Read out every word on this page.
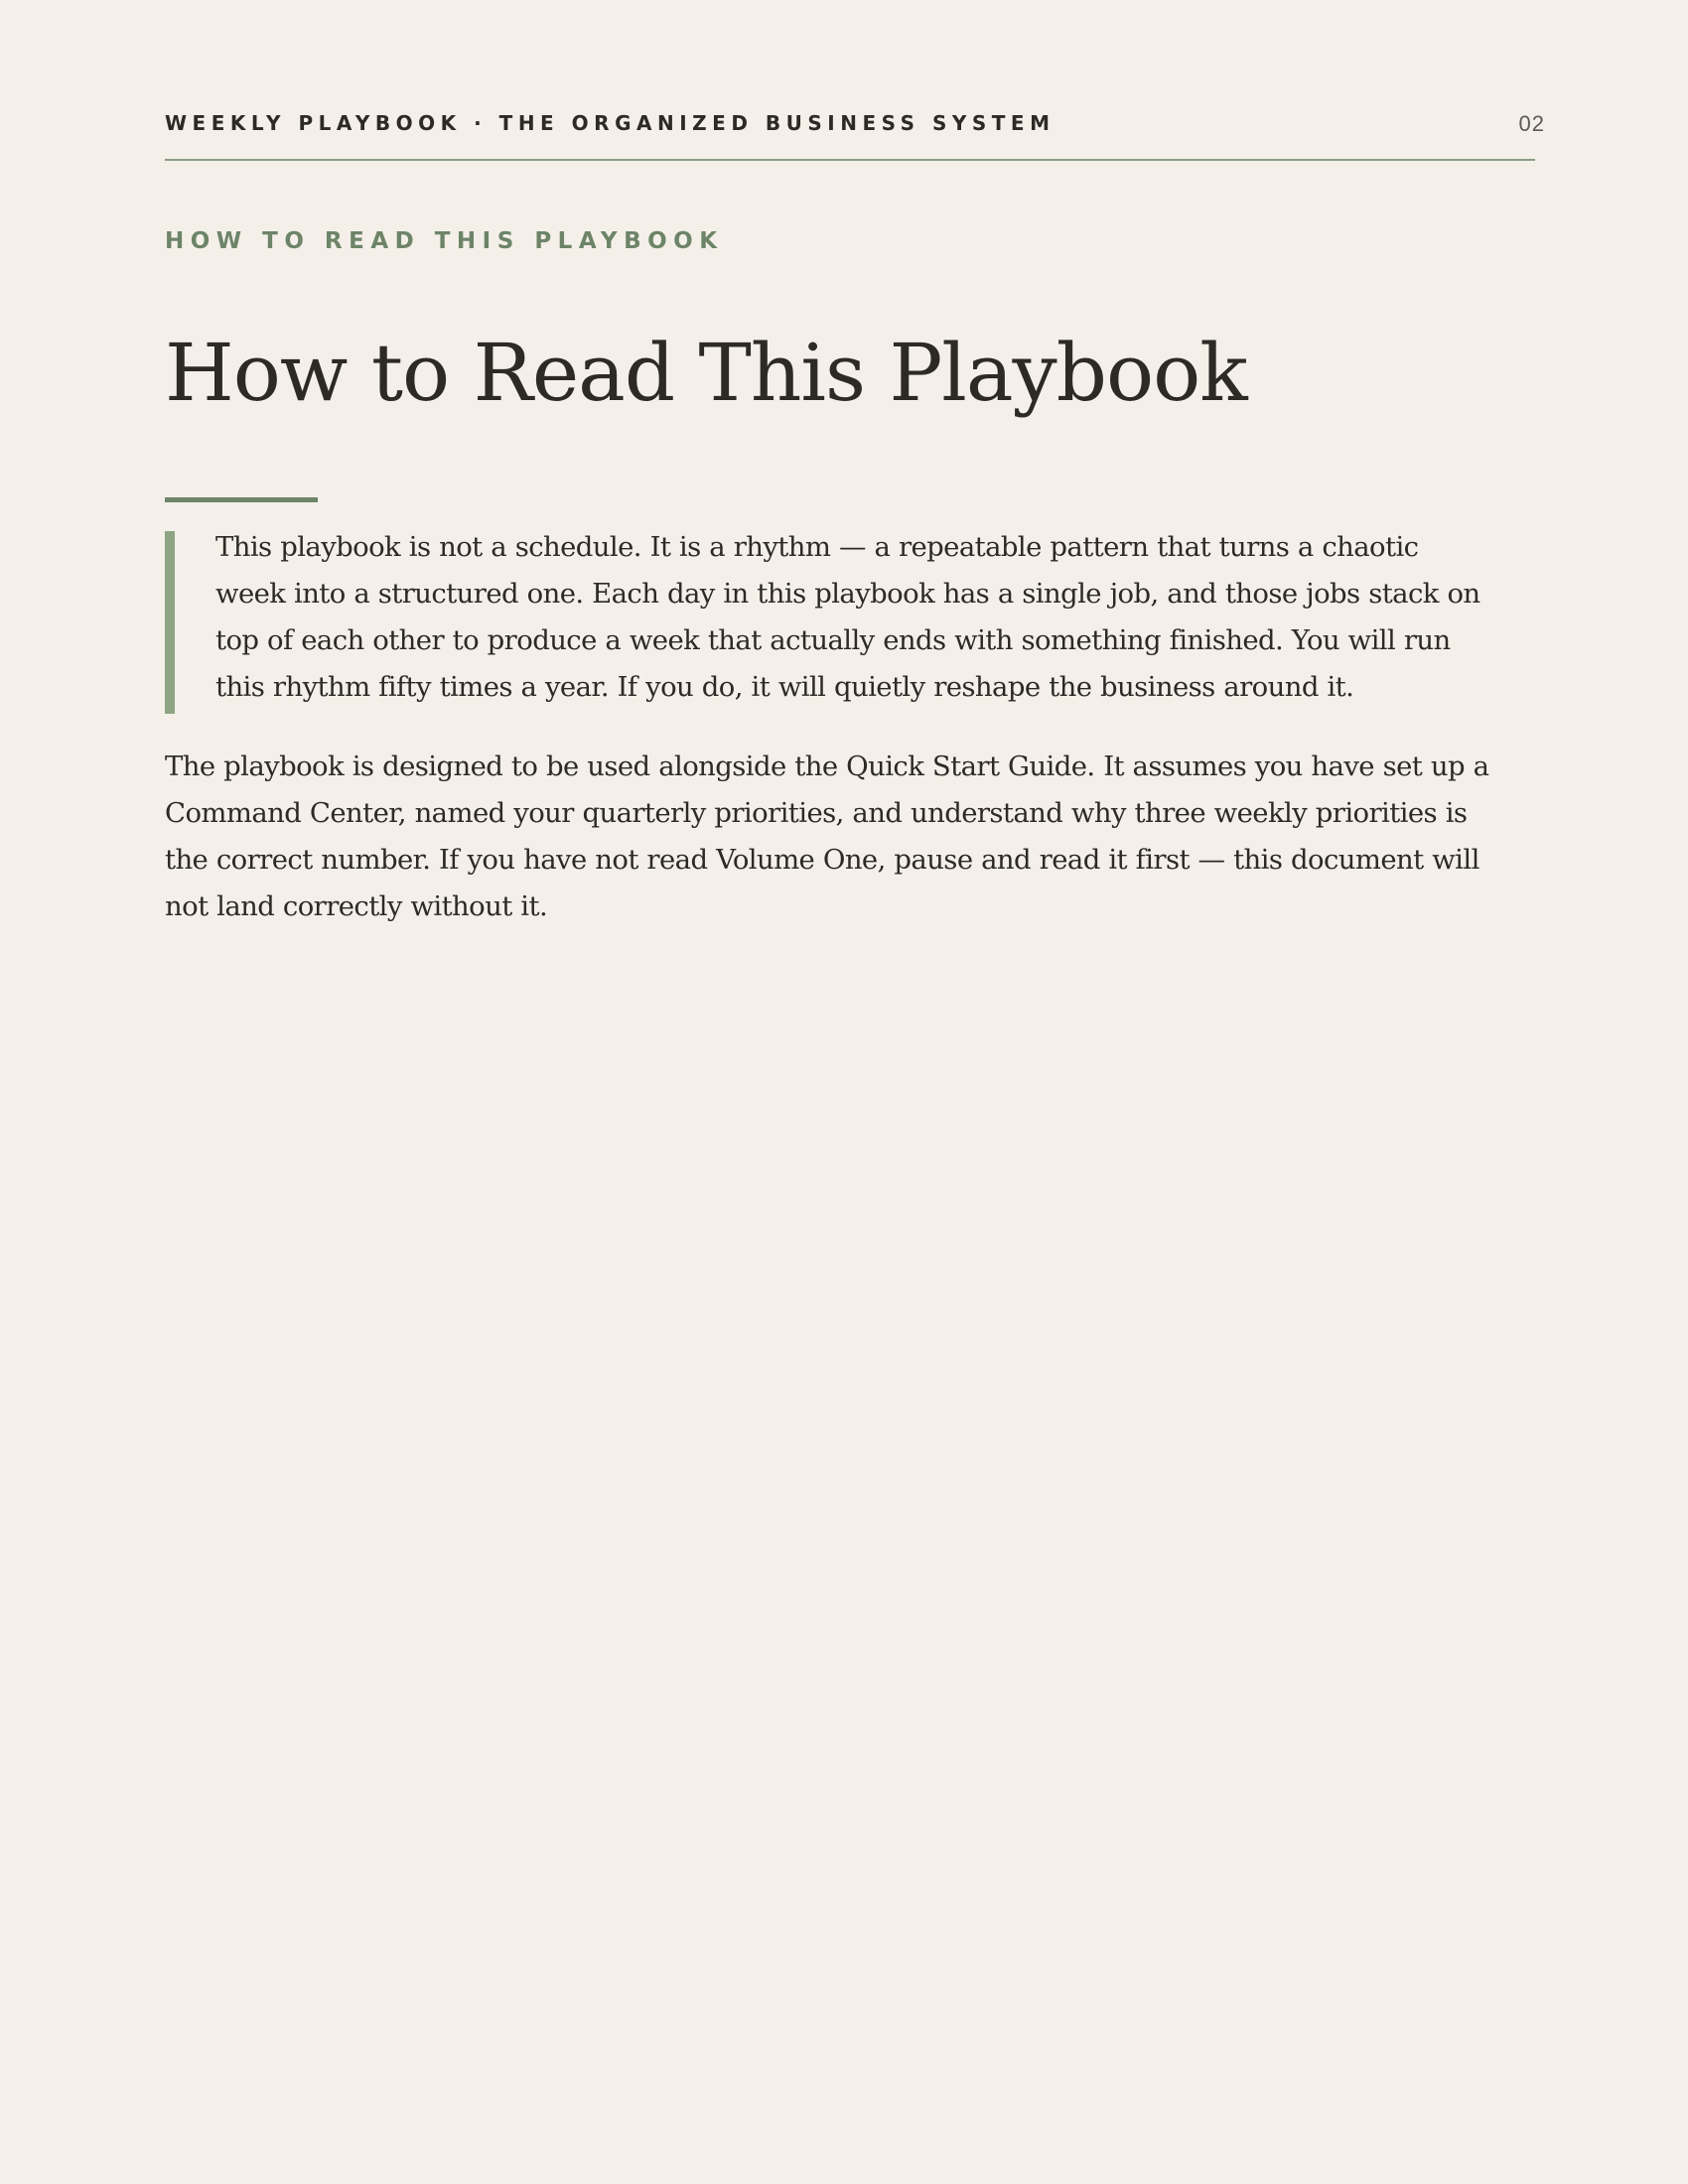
WEEKLY PLAYBOOK · THE ORGANIZED BUSINESS SYSTEM	02
HOW TO READ THIS PLAYBOOK
How to Read This Playbook

This playbook is not a schedule. It is a rhythm — a repeatable pattern that turns a chaotic week into a structured one. Each day in this playbook has a single job, and those jobs stack on top of each other to produce a week that actually ends with something finished. You will run this rhythm fifty times a year. If you do, it will quietly reshape the business around it.

The playbook is designed to be used alongside the Quick Start Guide. It assumes you have set up a Command Center, named your quarterly priorities, and understand why three weekly priorities is the correct number. If you have not read Volume One, pause and read it first — this document will not land correctly without it.
